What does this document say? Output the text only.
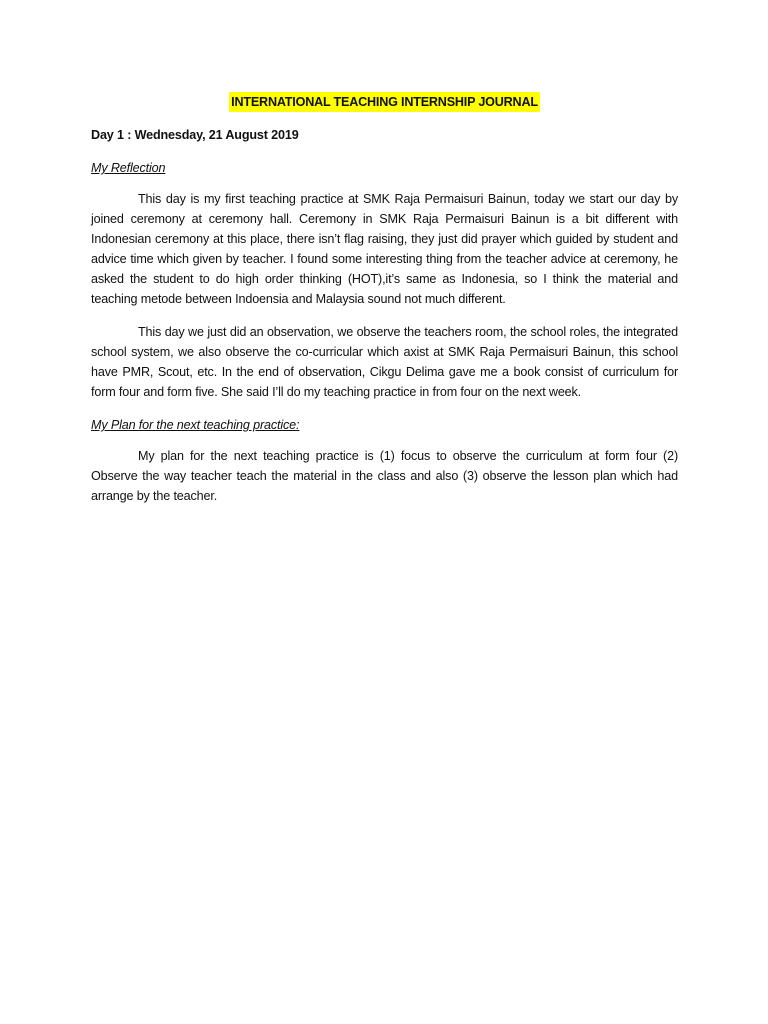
INTERNATIONAL TEACHING INTERNSHIP JOURNAL
Day 1 : Wednesday, 21 August 2019
My Reflection

This day is my first teaching practice at SMK Raja Permaisuri Bainun, today we start our day by joined ceremony at ceremony hall. Ceremony in SMK Raja Permaisuri Bainun is a bit different with Indonesian ceremony at this place, there isn’t flag raising, they just did prayer which guided by student and advice time which given by teacher. I found some interesting thing from the teacher advice at ceremony, he asked the student to do high order thinking (HOT),it’s same as Indonesia, so I think the material and teaching metode between Indoensia and Malaysia sound not much different.

This day we just did an observation, we observe the teachers room, the school roles, the integrated school system, we also observe the co-curricular which axist at SMK Raja Permaisuri Bainun, this school have PMR, Scout, etc. In the end of observation, Cikgu Delima gave me a book consist of curriculum for form four and form five. She said I’ll do my teaching practice in from four on the next week.

My Plan for the next teaching practice:

My plan for the next teaching practice is (1) focus to observe the curriculum at form four (2) Observe the way teacher teach the material in the class and also (3) observe the lesson plan which had arrange by the teacher.
